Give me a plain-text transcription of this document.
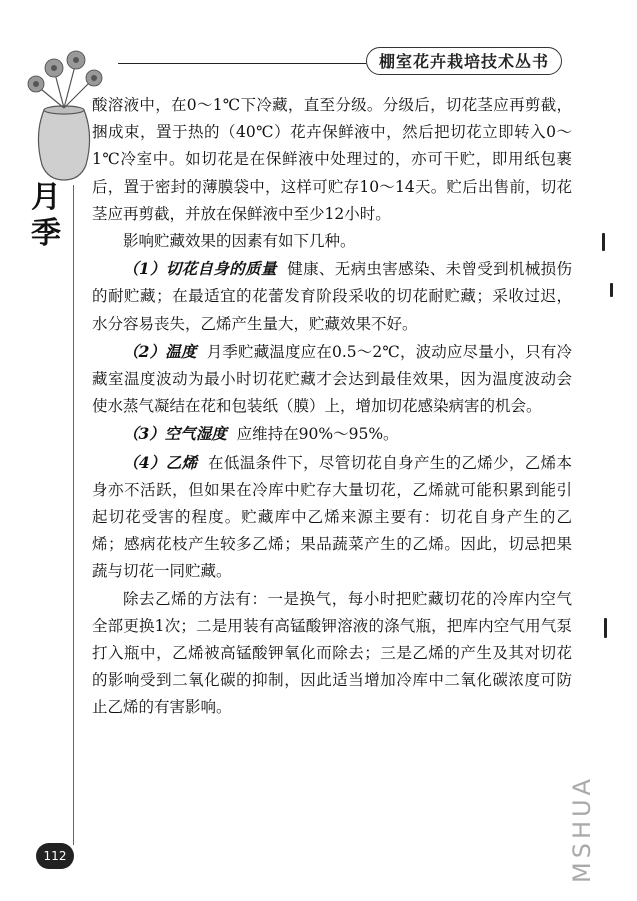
棚室花卉栽培技术丛书
月季

酸溶液中，在0～1℃下冷藏，直至分级。分级后，切花茎应再剪截，捆成束，置于热的（40℃）花卉保鲜液中，然后把切花立即转入0～1℃冷室中。如切花是在保鲜液中处理过的，亦可干贮，即用纸包裹后，置于密封的薄膜袋中，这样可贮存10～14天。贮后出售前，切花茎应再剪截，并放在保鲜液中至少12小时。

影响贮藏效果的因素有如下几种。

（1）切花自身的质量 健康、无病虫害感染、未曾受到机械损伤的耐贮藏；在最适宜的花蕾发育阶段采收的切花耐贮藏；采收过迟，水分容易丧失，乙烯产生量大，贮藏效果不好。

（2）温度 月季贮藏温度应在0.5～2℃，波动应尽量小，只有冷藏室温度波动为最小时切花贮藏才会达到最佳效果，因为温度波动会使水蒸气凝结在花和包装纸（膜）上，增加切花感染病害的机会。

（3）空气湿度 应维持在90%～95%。

（4）乙烯 在低温条件下，尽管切花自身产生的乙烯少，乙烯本身亦不活跃，但如果在冷库中贮存大量切花，乙烯就可能积累到能引起切花受害的程度。贮藏库中乙烯来源主要有：切花自身产生的乙烯；感病花枝产生较多乙烯；果品蔬菜产生的乙烯。因此，切忌把果蔬与切花一同贮藏。

除去乙烯的方法有：一是换气，每小时把贮藏切花的冷库内空气全部更换1次；二是用装有高锰酸钾溶液的涤气瓶，把库内空气用气泵打入瓶中，乙烯被高锰酸钾氧化而除去；三是乙烯的产生及其对切花的影响受到二氧化碳的抑制，因此适当增加冷库中二氧化碳浓度可防止乙烯的有害影响。

112	MSHUA
